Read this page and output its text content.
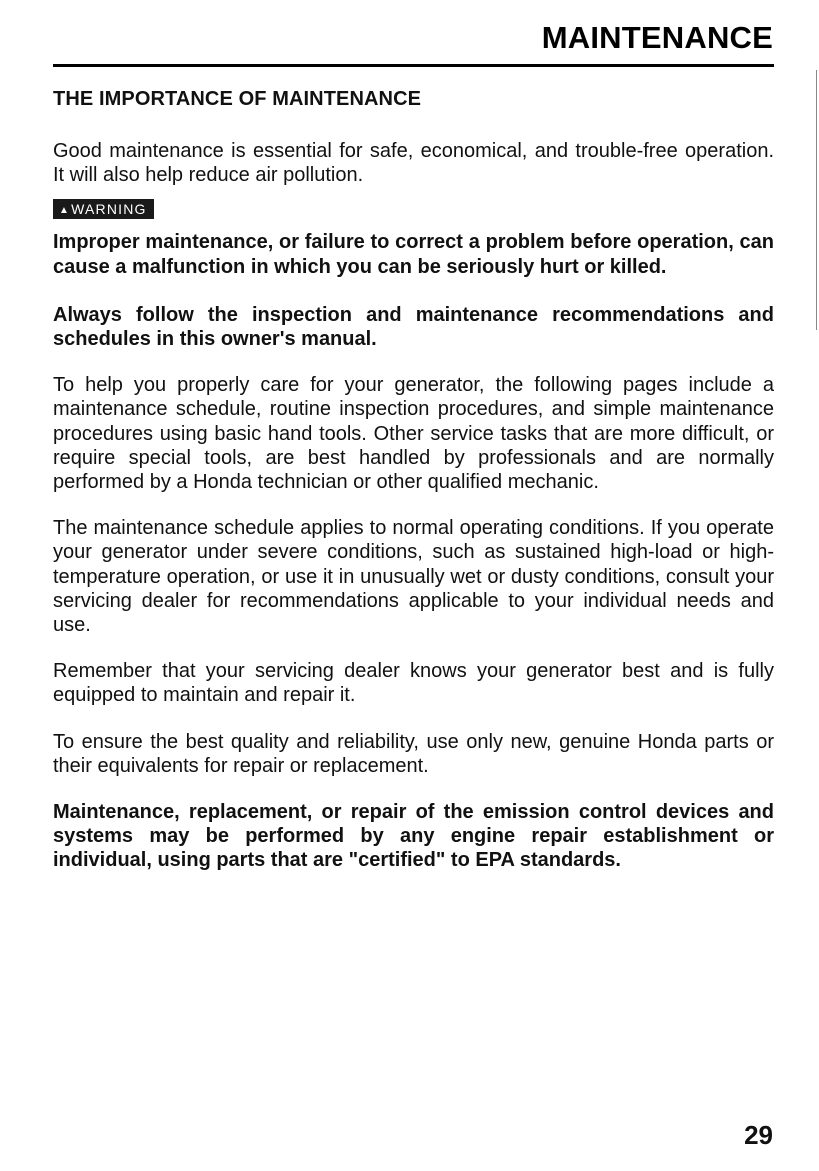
MAINTENANCE
THE IMPORTANCE OF MAINTENANCE

Good maintenance is essential for safe, economical, and trouble-free operation. It will also help reduce air pollution.

▲WARNING

Improper maintenance, or failure to correct a problem before operation, can cause a malfunction in which you can be seriously hurt or killed.

Always follow the inspection and maintenance recommendations and schedules in this owner's manual.

To help you properly care for your generator, the following pages include a maintenance schedule, routine inspection procedures, and simple maintenance procedures using basic hand tools. Other service tasks that are more difficult, or require special tools, are best handled by professionals and are normally performed by a Honda technician or other qualified mechanic.

The maintenance schedule applies to normal operating conditions. If you operate your generator under severe conditions, such as sustained high-load or high-temperature operation, or use it in unusually wet or dusty conditions, consult your servicing dealer for recommendations applicable to your individual needs and use.

Remember that your servicing dealer knows your generator best and is fully equipped to maintain and repair it.

To ensure the best quality and reliability, use only new, genuine Honda parts or their equivalents for repair or replacement.

Maintenance, replacement, or repair of the emission control devices and systems may be performed by any engine repair establishment or individual, using parts that are "certified" to EPA standards.

29
